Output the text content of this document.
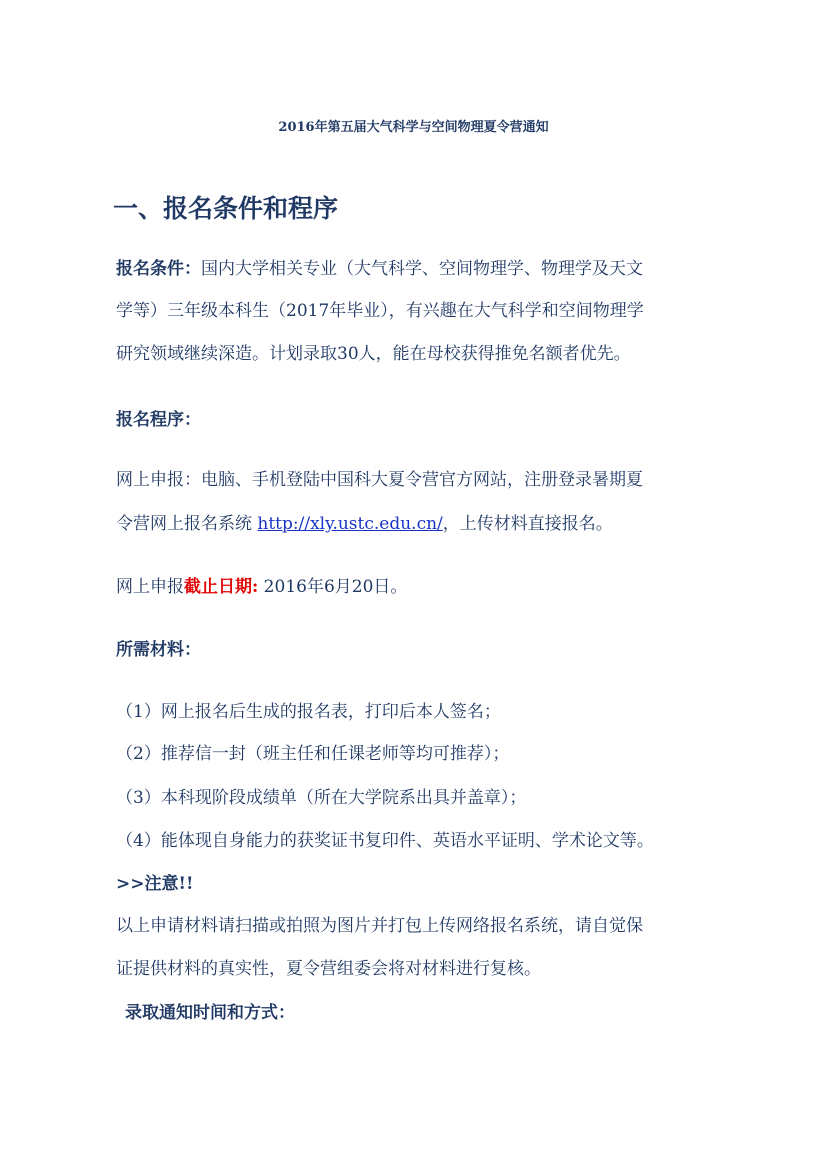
2016年第五届大气科学与空间物理夏令营通知
一、报名条件和程序
报名条件：国内大学相关专业（大气科学、空间物理学、物理学及天文
学等）三年级本科生（2017年毕业），有兴趣在大气科学和空间物理学
研究领域继续深造。计划录取30人，能在母校获得推免名额者优先。
报名程序：
网上申报：电脑、手机登陆中国科大夏令营官方网站，注册登录暑期夏
令营网上报名系统 http://xly.ustc.edu.cn/，上传材料直接报名。
网上申报截止日期: 2016年6月20日。
所需材料：
（1）网上报名后生成的报名表，打印后本人签名；
（2）推荐信一封（班主任和任课老师等均可推荐）；
（3）本科现阶段成绩单（所在大学院系出具并盖章）；
（4）能体现自身能力的获奖证书复印件、英语水平证明、学术论文等。
>>注意!!
以上申请材料请扫描或拍照为图片并打包上传网络报名系统，请自觉保
证提供材料的真实性，夏令营组委会将对材料进行复核。
录取通知时间和方式：
